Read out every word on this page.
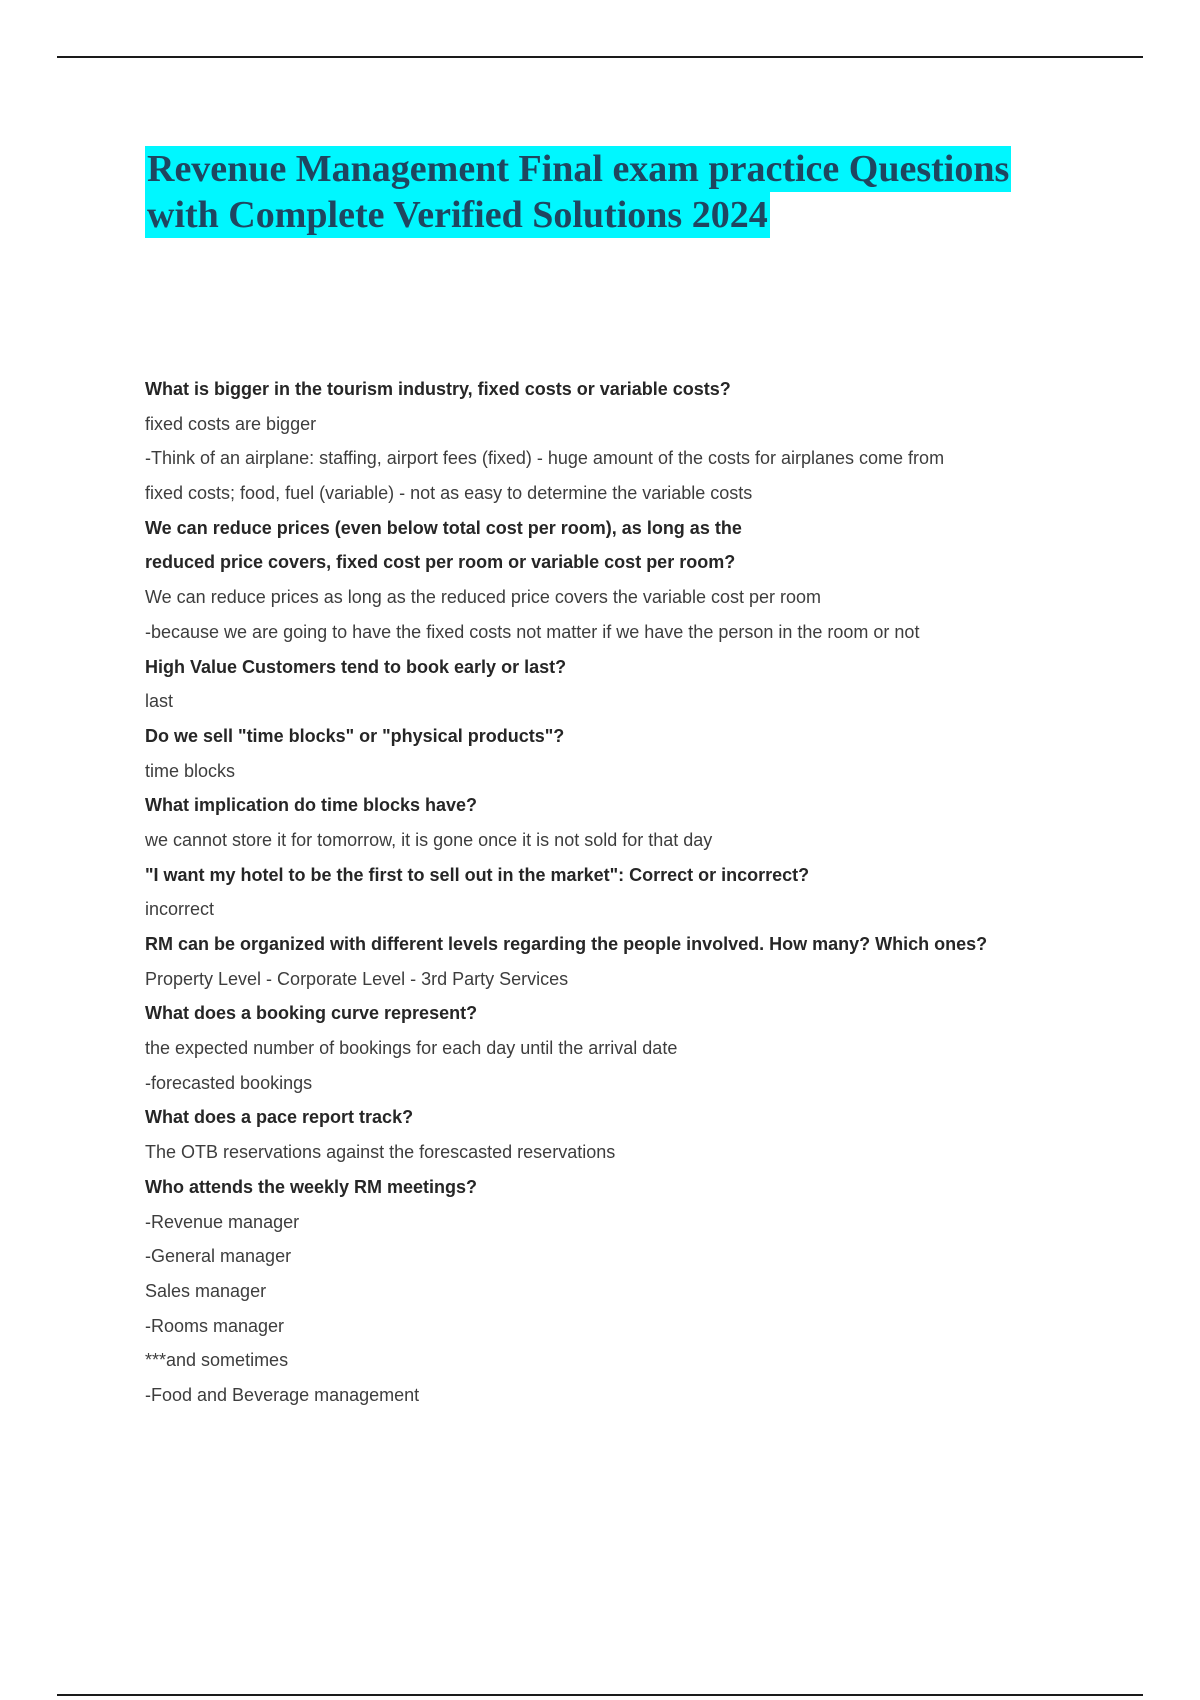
Revenue Management Final exam practice Questions
with Complete Verified Solutions 2024
What is bigger in the tourism industry, fixed costs or variable costs?
fixed costs are bigger
-Think of an airplane: staffing, airport fees (fixed) - huge amount of the costs for airplanes come from
fixed costs; food, fuel (variable) - not as easy to determine the variable costs
We can reduce prices (even below total cost per room), as long as the
reduced price covers, fixed cost per room or variable cost per room?
We can reduce prices as long as the reduced price covers the variable cost per room
-because we are going to have the fixed costs not matter if we have the person in the room or not
High Value Customers tend to book early or last?
last
Do we sell "time blocks" or "physical products"?
time blocks
What implication do time blocks have?
we cannot store it for tomorrow, it is gone once it is not sold for that day
"I want my hotel to be the first to sell out in the market": Correct or incorrect?
incorrect
RM can be organized with different levels regarding the people involved. How many? Which ones?
Property Level - Corporate Level - 3rd Party Services
What does a booking curve represent?
the expected number of bookings for each day until the arrival date
-forecasted bookings
What does a pace report track?
The OTB reservations against the forescasted reservations
Who attends the weekly RM meetings?
-Revenue manager
-General manager
Sales manager
-Rooms manager
***and sometimes
-Food and Beverage management
